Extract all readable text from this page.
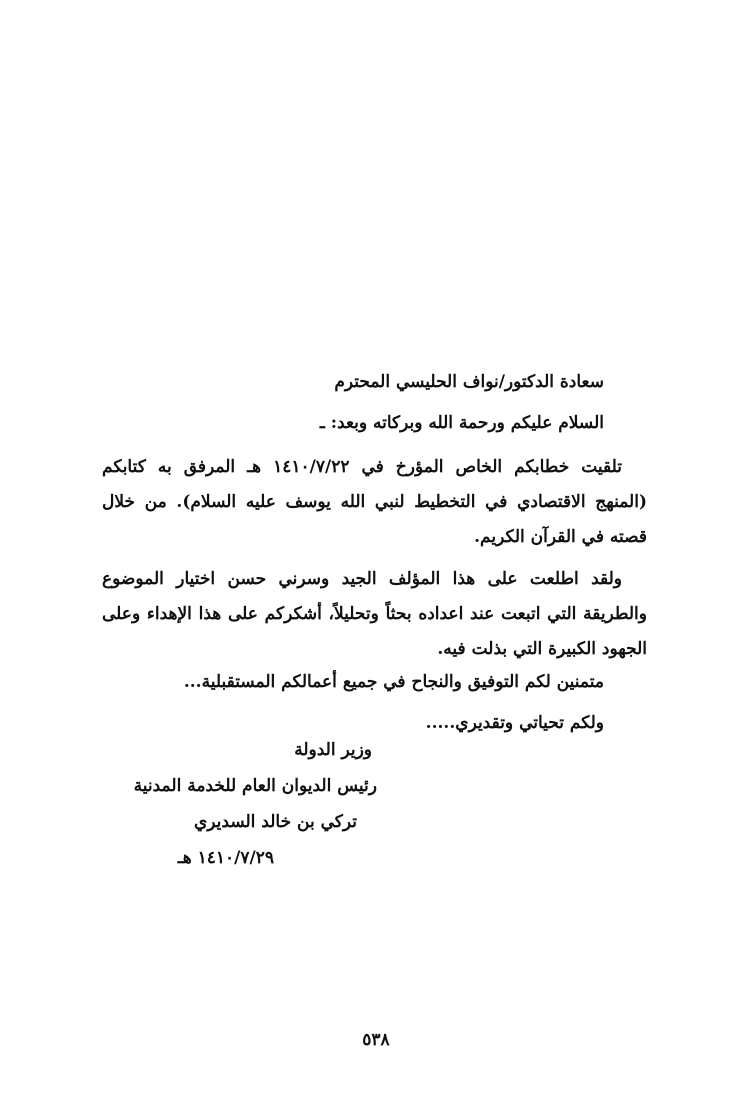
سعادة الدكتور/نواف الحليسي المحترم
السلام عليكم ورحمة الله وبركاته وبعد: ـ
تلقيت خطابكم الخاص المؤرخ في ١٤١٠/٧/٢٢ هـ المرفق به كتابكم (المنهج الاقتصادي في التخطيط لنبي الله يوسف عليه السلام). من خلال قصته في القرآن الكريم.
ولقد اطلعت على هذا المؤلف الجيد وسرني حسن اختيار الموضوع والطريقة التي اتبعت عند اعداده بحثاً وتحليلاً، أشكركم على هذا الإهداء وعلى الجهود الكبيرة التي بذلت فيه.
متمنين لكم التوفيق والنجاح في جميع أعمالكم المستقبلية...
ولكم تحياتي وتقديري.....
وزير الدولة
رئيس الديوان العام للخدمة المدنية
تركي بن خالد السديري
١٤١٠/٧/٢٩ هـ
٥٣٨
